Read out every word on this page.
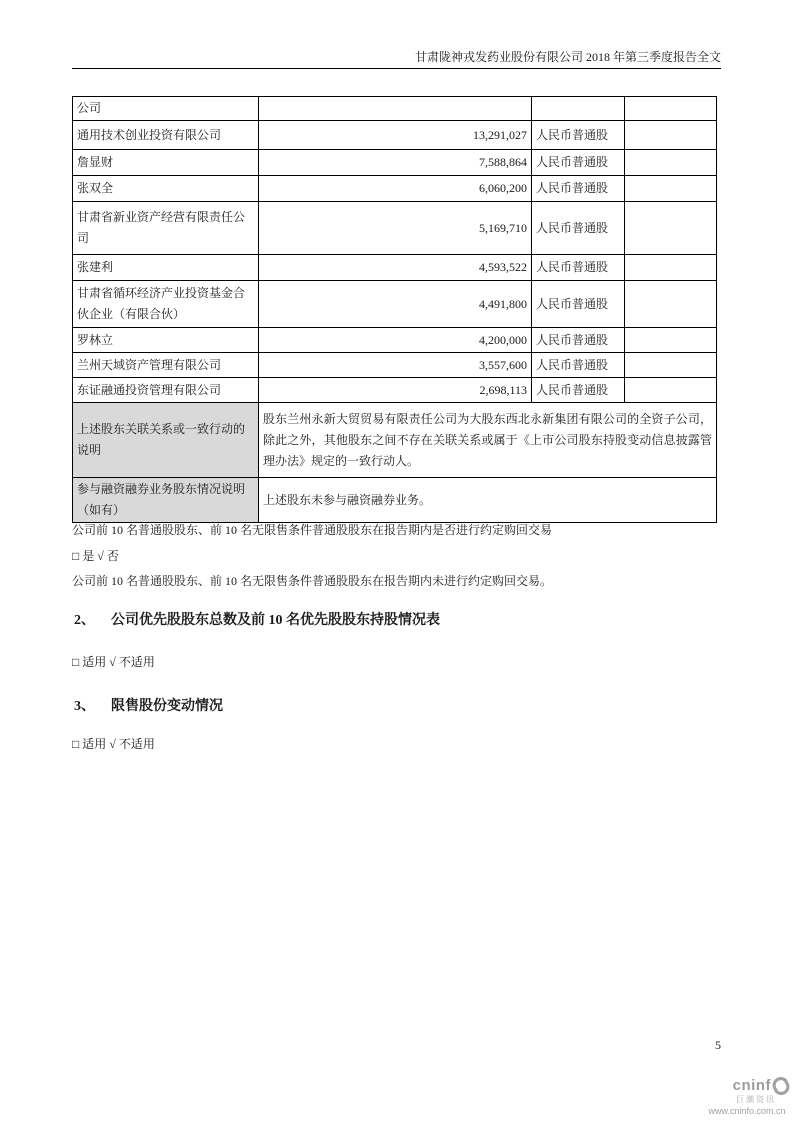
甘肃陇神戎发药业股份有限公司 2018 年第三季度报告全文
公司			
通用技术创业投资有限公司	13,291,027	人民币普通股	
詹显财	7,588,864	人民币普通股	
张双全	6,060,200	人民币普通股	
甘肃省新业资产经营有限责任公司	5,169,710	人民币普通股	
张建利	4,593,522	人民币普通股	
甘肃省循环经济产业投资基金合伙企业（有限合伙）	4,491,800	人民币普通股	
罗林立	4,200,000	人民币普通股	
兰州天域资产管理有限公司	3,557,600	人民币普通股	
东证融通投资管理有限公司	2,698,113	人民币普通股	
上述股东关联关系或一致行动的说明	股东兰州永新大贸贸易有限责任公司为大股东西北永新集团有限公司的全资子公司，除此之外，其他股东之间不存在关联关系或属于《上市公司股东持股变动信息披露管理办法》规定的一致行动人。		
参与融资融券业务股东情况说明（如有）	上述股东未参与融资融券业务。		
公司前 10 名普通股股东、前 10 名无限售条件普通股股东在报告期内是否进行约定购回交易
□ 是 √ 否
公司前 10 名普通股股东、前 10 名无限售条件普通股股东在报告期内未进行约定购回交易。
2、 公司优先股股东总数及前 10 名优先股股东持股情况表
□ 适用 √ 不适用
3、 限售股份变动情况
□ 适用 √ 不适用
5
cninf
巨潮资讯
www.cninfo.com.cn
